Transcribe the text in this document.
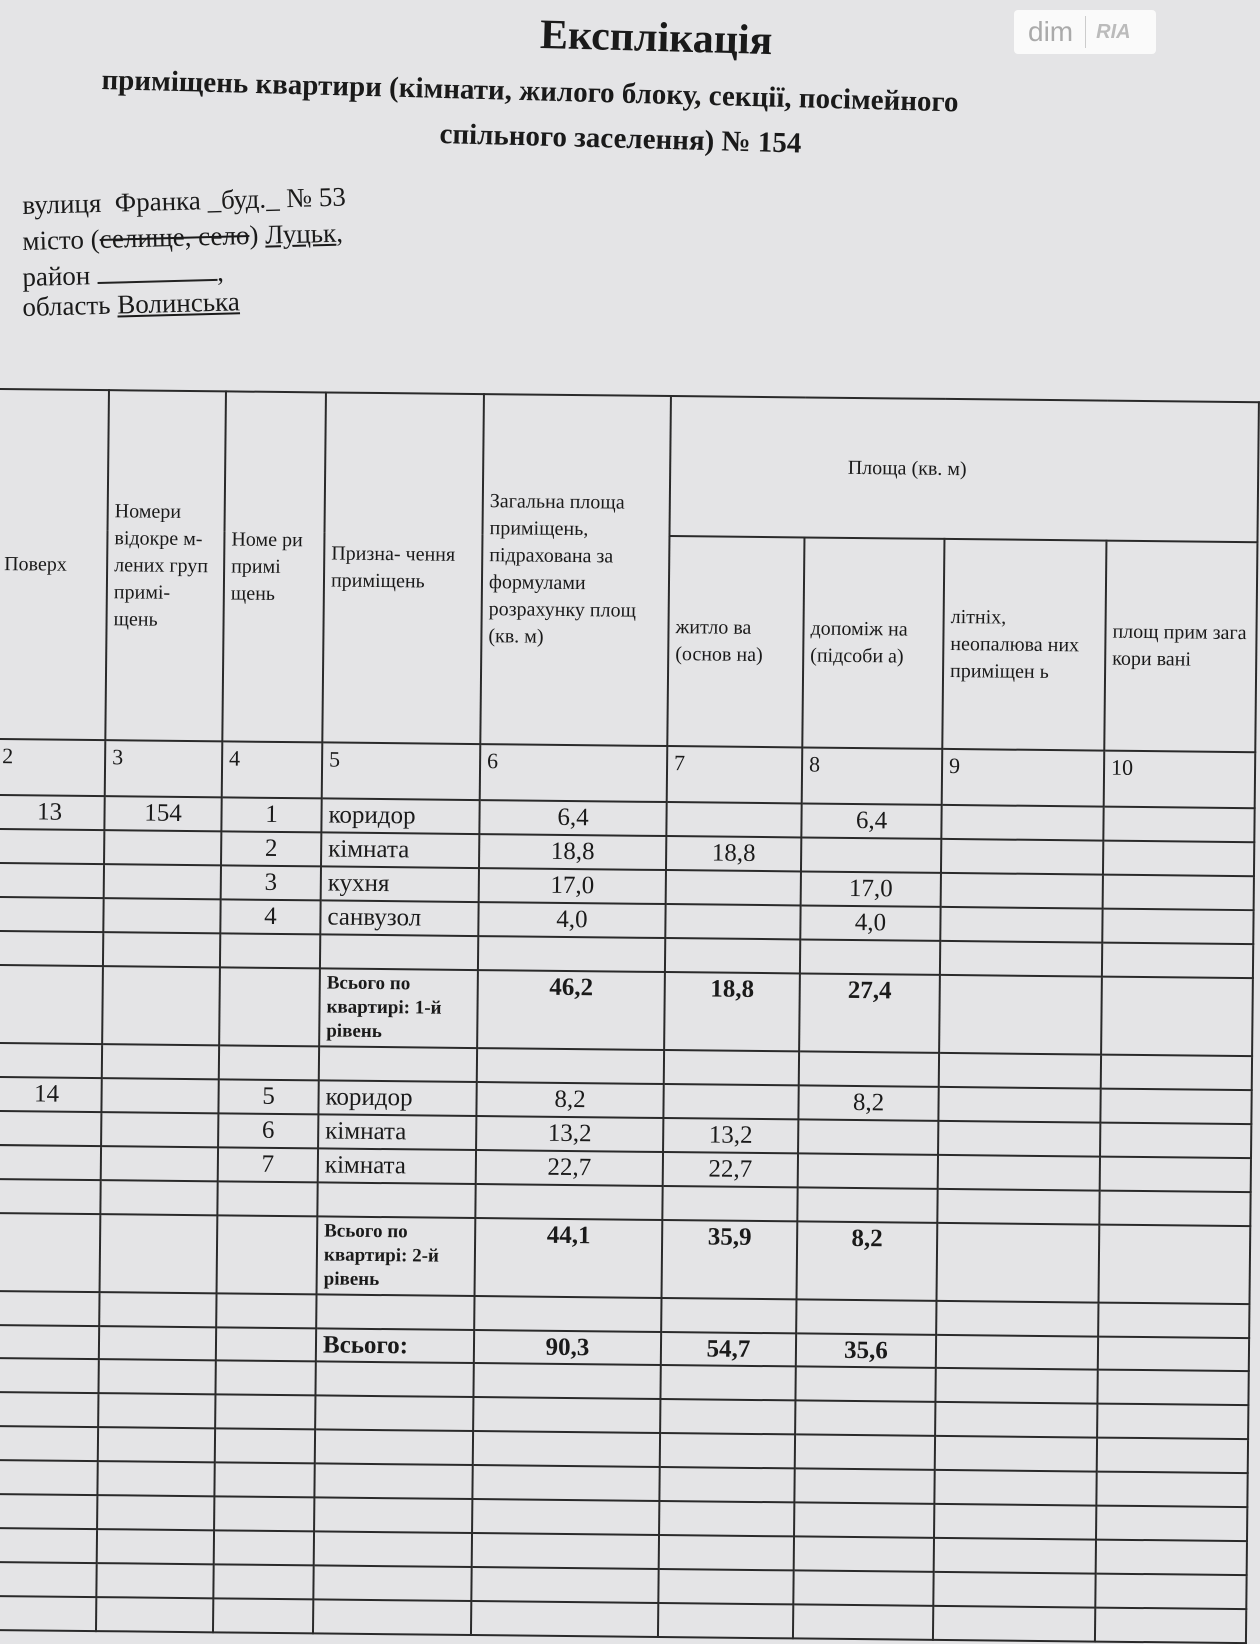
dim	RIA
Експлікація
приміщень квартири (кімнати, жилого блоку, секції, посімейного
спільного заселення) № 154
вулиця Франка _буд._ № 53
місто (селище, село) Луцьк,
район	,
область Волинська
Поверх	Номери відокре м- лених груп примі- щень	Номе ри примі щень	Призна- чення приміщень	Загальна площа приміщень, підрахована за формулами розрахунку площ (кв. м)	Площа (кв. м)			
					житло ва (основ на)	допоміж на (підсоби а)	літніх, неопалюва них приміщен ь	площ прим зага кори вані
2	3	4	5	6	7	8	9	10
13	154	1	коридор	6,4		6,4		
		2	кімната	18,8	18,8			
		3	кухня	17,0		17,0		
		4	санвузол	4,0		4,0		

			Всього по квартирі: 1-й рівень	46,2	18,8	27,4		

14		5	коридор	8,2		8,2		
		6	кімната	13,2	13,2			
		7	кімната	22,7	22,7			

			Всього по квартирі: 2-й рівень	44,1	35,9	8,2		

			Всього:	90,3	54,7	35,6		
